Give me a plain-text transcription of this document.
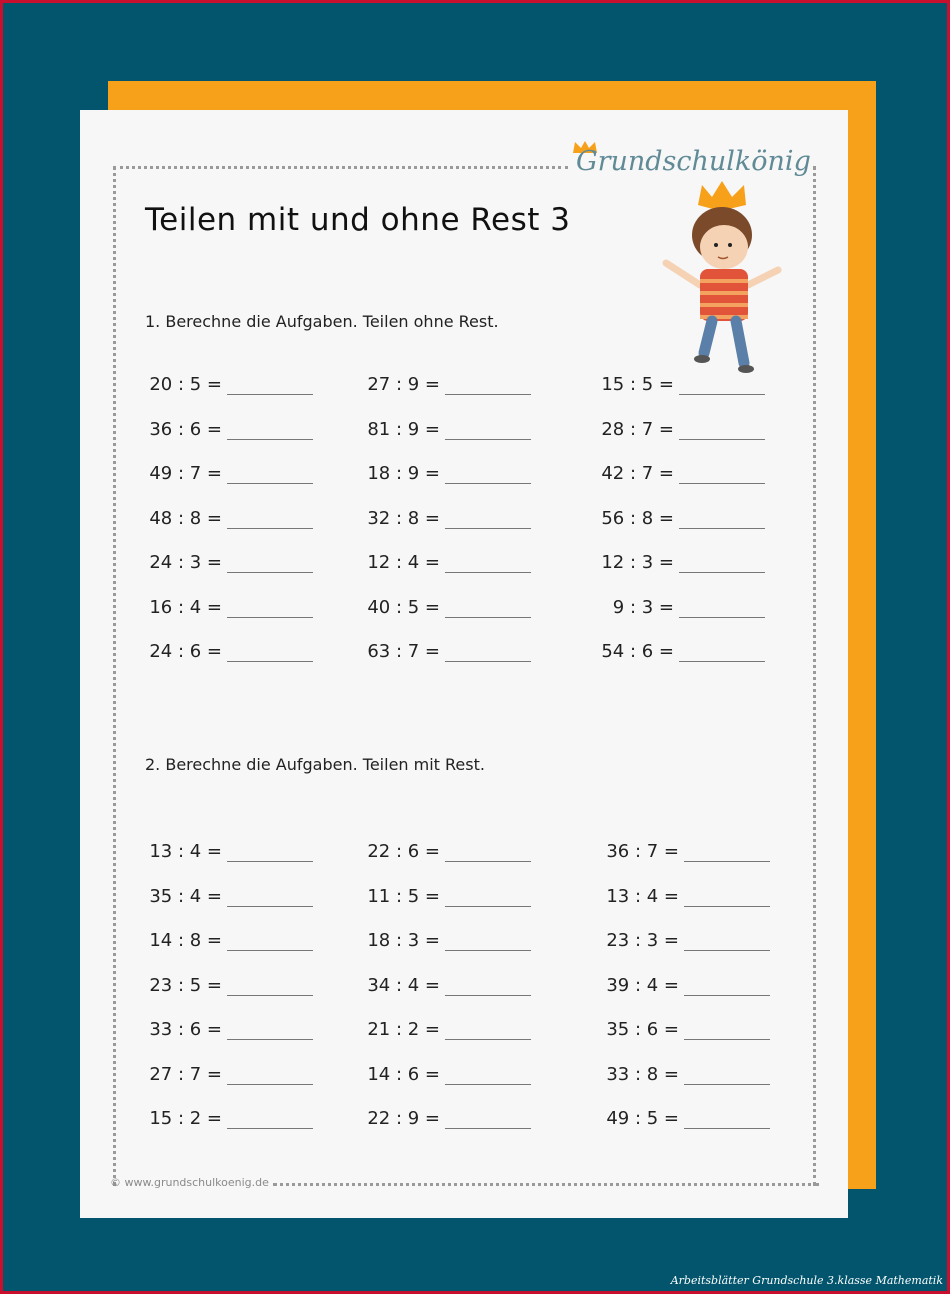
Grundschulkönig
Teilen mit und ohne Rest 3
1. Berechne die Aufgaben. Teilen ohne Rest.
2. Berechne die Aufgaben. Teilen mit Rest.
20 : 5 =
36 : 6 =
49 : 7 =
48 : 8 =
24 : 3 =
16 : 4 =
24 : 6 =
27 : 9 =
81 : 9 =
18 : 9 =
32 : 8 =
12 : 4 =
40 : 5 =
63 : 7 =
15 : 5 =
28 : 7 =
42 : 7 =
56 : 8 =
12 : 3 =
9 : 3 =
54 : 6 =
13 : 4 =
35 : 4 =
14 : 8 =
23 : 5 =
33 : 6 =
27 : 7 =
15 : 2 =
22 : 6 =
11 : 5 =
18 : 3 =
34 : 4 =
21 : 2 =
14 : 6 =
22 : 9 =
36 : 7 =
13 : 4 =
23 : 3 =
39 : 4 =
35 : 6 =
33 : 8 =
49 : 5 =
© www.grundschulkoenig.de
Arbeitsblätter Grundschule 3.klasse Mathematik
